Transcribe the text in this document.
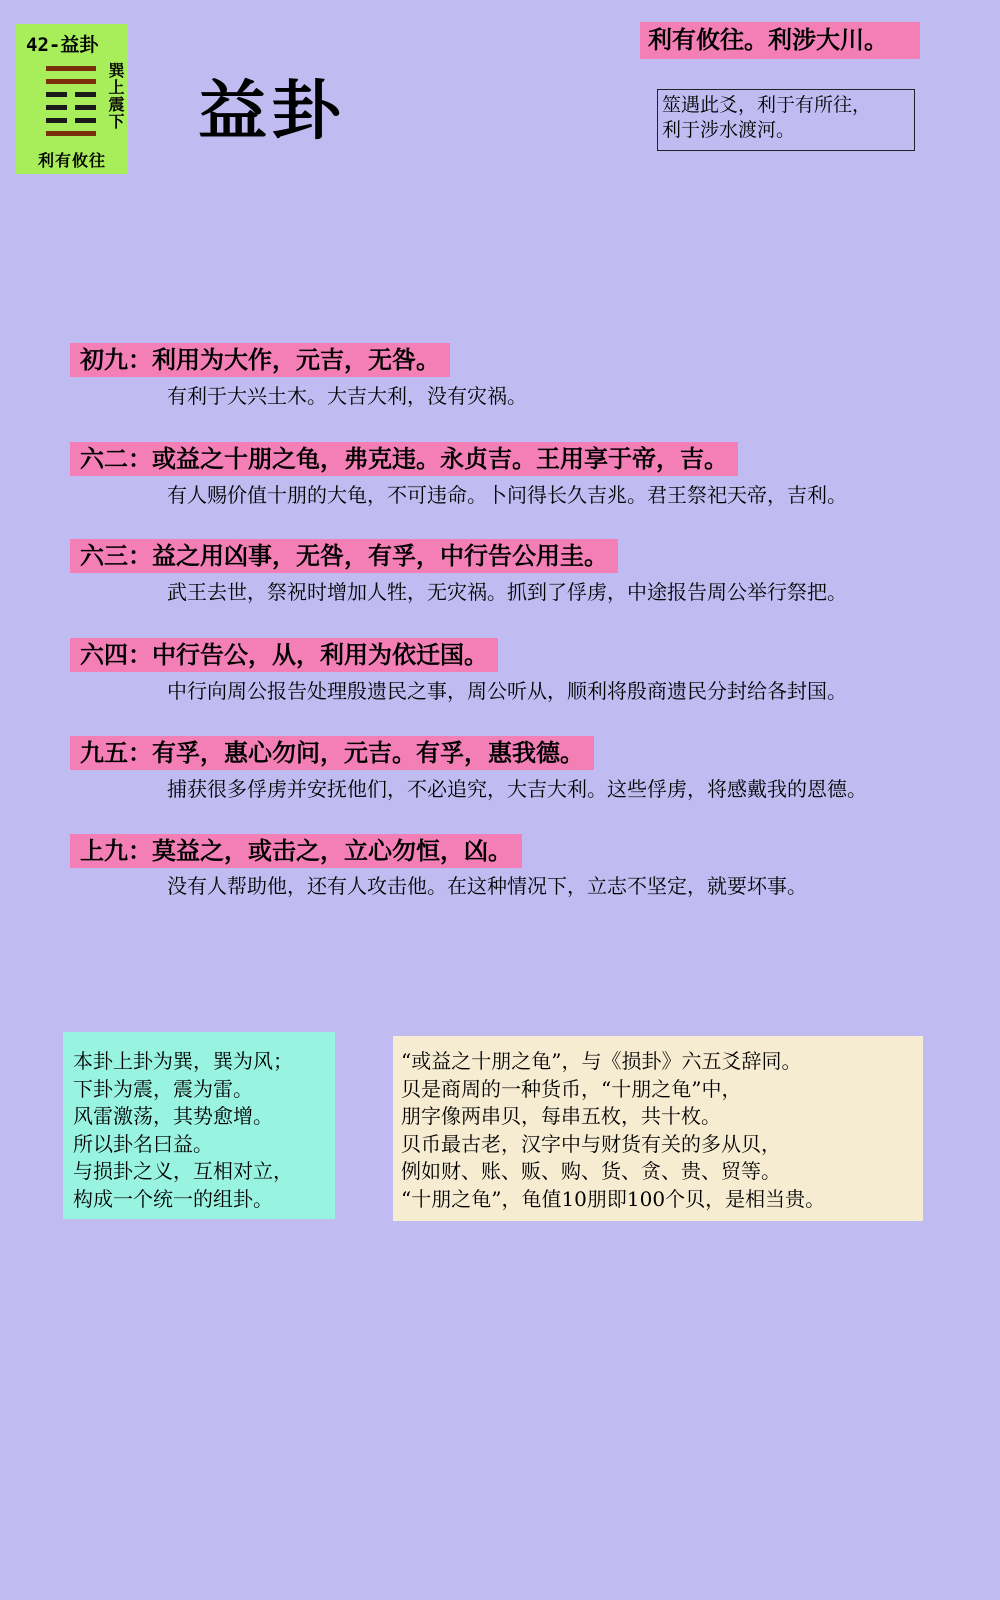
42-益卦
巽上震下
利有攸往
益卦
利有攸往。利涉大川。
筮遇此爻，利于有所往，
利于涉水渡河。
初九：利用为大作，元吉，无咎。
有利于大兴土木。大吉大利，没有灾祸。
六二：或益之十朋之龟，弗克违。永贞吉。王用享于帝，吉。
有人赐价值十朋的大龟，不可违命。卜问得长久吉兆。君王祭祀天帝，吉利。
六三：益之用凶事，无咎，有孚，中行告公用圭。
武王去世，祭祝时增加人牲，无灾祸。抓到了俘虏，中途报告周公举行祭把。
六四：中行告公，从，利用为依迁国。
中行向周公报告处理殷遗民之事，周公听从，顺利将殷商遗民分封给各封国。
九五：有孚，惠心勿问，元吉。有孚，惠我德。
捕获很多俘虏并安抚他们，不必追究，大吉大利。这些俘虏，将感戴我的恩德。
上九：莫益之，或击之，立心勿恒，凶。
没有人帮助他，还有人攻击他。在这种情况下，立志不坚定，就要坏事。
本卦上卦为巽，巽为风；
下卦为震，震为雷。
风雷激荡，其势愈增。
所以卦名曰益。
与损卦之义，互相对立，
构成一个统一的组卦。
“或益之十朋之龟”，与《损卦》六五爻辞同。
贝是商周的一种货币，“十朋之龟”中，
朋字像两串贝，每串五枚，共十枚。
贝币最古老，汉字中与财货有关的多从贝，
例如财、账、贩、购、货、贪、贵、贸等。
“十朋之龟”，龟值10朋即100个贝，是相当贵。
